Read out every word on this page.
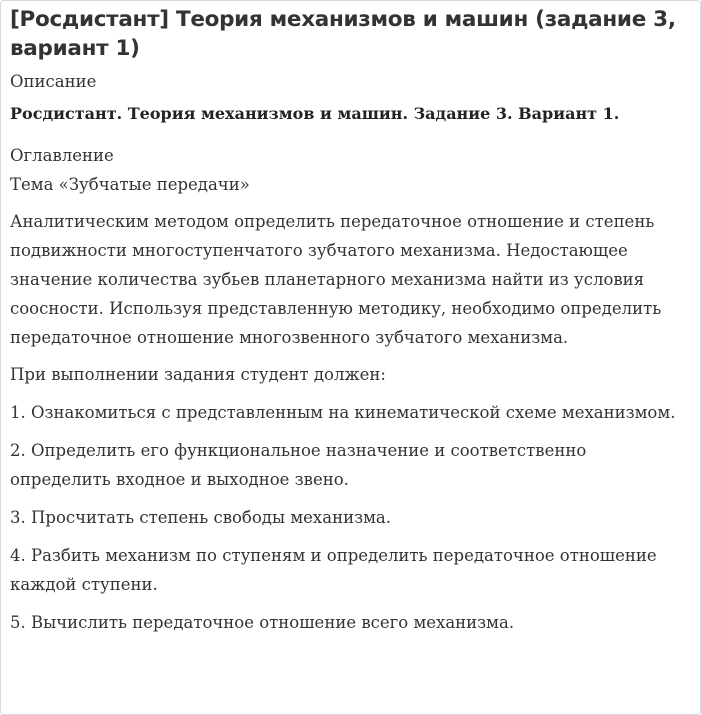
[Росдистант] Теория механизмов и машин (задание 3, вариант 1)
Описание
Росдистант. Теория механизмов и машин. Задание 3. Вариант 1.
Оглавление
Тема «Зубчатые передачи»

Аналитическим методом определить передаточное отношение и степень подвижности многоступенчатого зубчатого механизма. Недостающее значение количества зубьев планетарного механизма найти из условия соосности. Используя представленную методику, необходимо определить передаточное отношение многозвенного зубчатого механизма.

При выполнении задания студент должен:

1. Ознакомиться с представленным на кинематической схеме механизмом.

2. Определить его функциональное назначение и соответственно определить входное и выходное звено.

3. Просчитать степень свободы механизма.

4. Разбить механизм по ступеням и определить передаточное отношение каждой ступени.

5. Вычислить передаточное отношение всего механизма.
